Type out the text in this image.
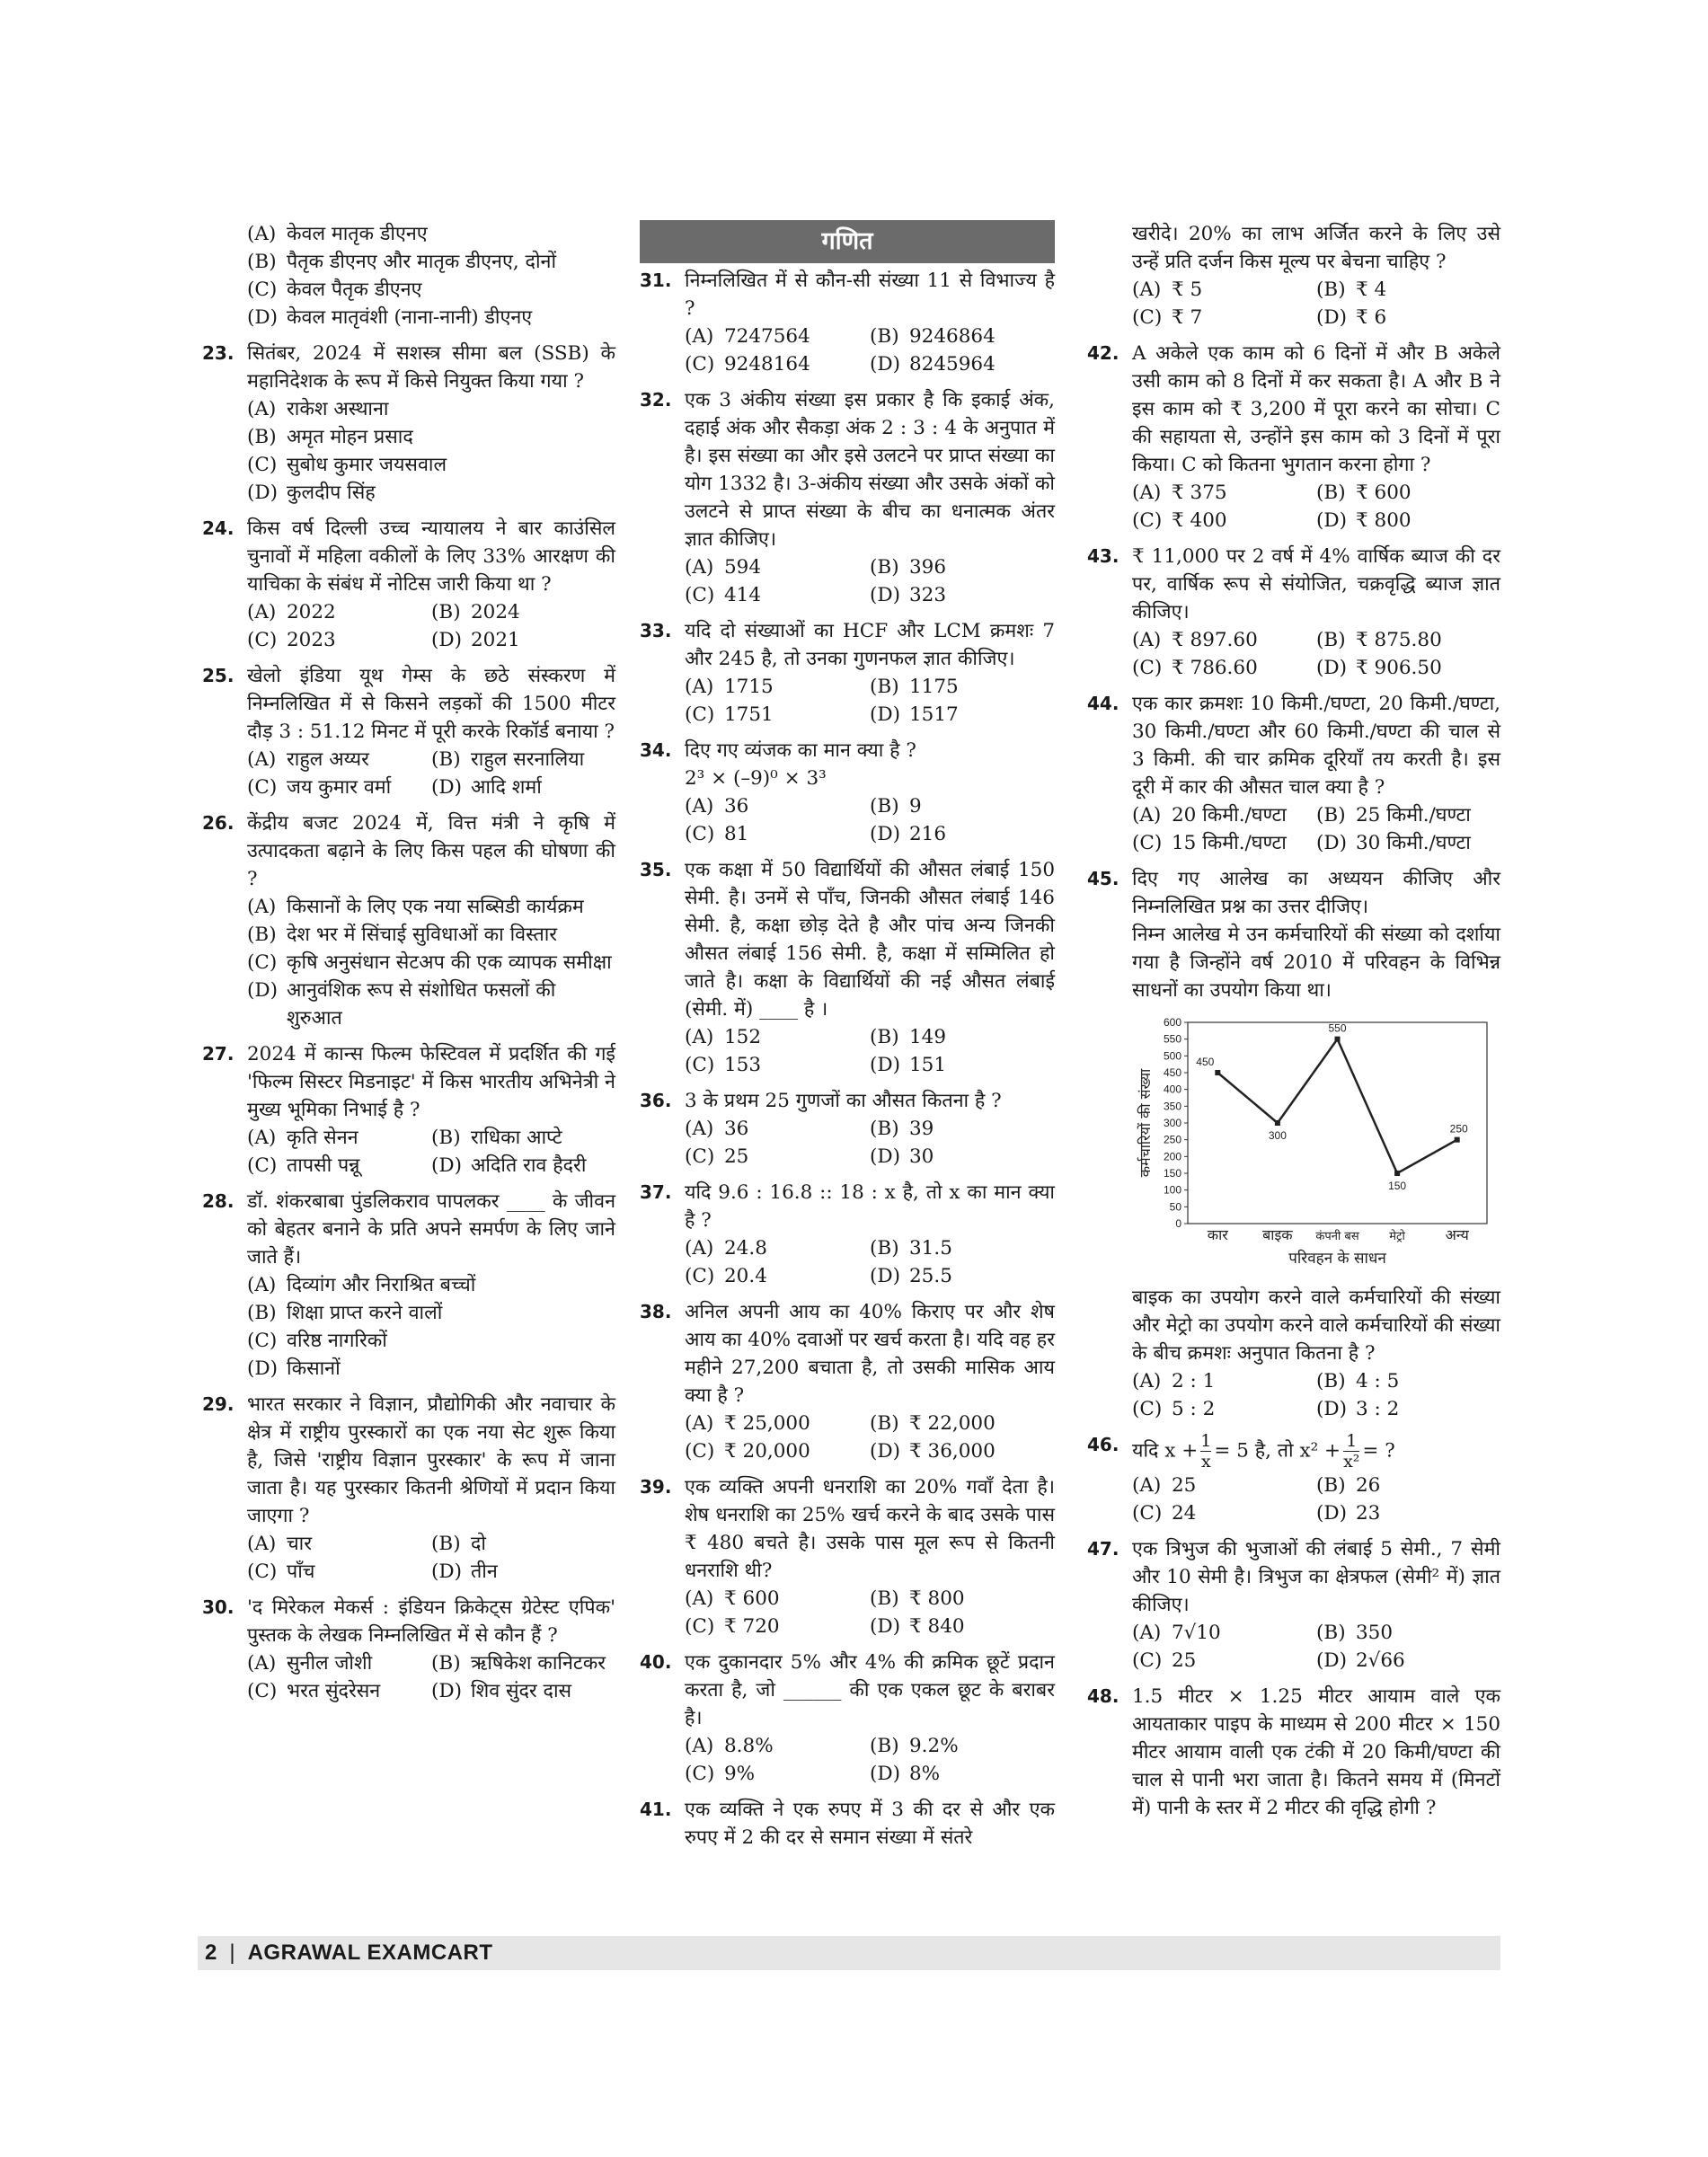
(A) केवल मातृक डीएनए
(B) पैतृक डीएनए और मातृक डीएनए, दोनों
(C) केवल पैतृक डीएनए
(D) केवल मातृवंशी (नाना-नानी) डीएनए
23. सितंबर, 2024 में सशस्त्र सीमा बल (SSB) के महानिदेशक के रूप में किसे नियुक्त किया गया ?
(A) राकेश अस्थाना
(B) अमृत मोहन प्रसाद
(C) सुबोध कुमार जयसवाल
(D) कुलदीप सिंह
24. किस वर्ष दिल्ली उच्च न्यायालय ने बार काउंसिल चुनावों में महिला वकीलों के लिए 33% आरक्षण की याचिका के संबंध में नोटिस जारी किया था ?
(A) 2022	(B) 2024
(C) 2023	(D) 2021
25. खेलो इंडिया यूथ गेम्स के छठे संस्करण में निम्नलिखित में से किसने लड़कों की 1500 मीटर दौड़ 3 : 51.12 मिनट में पूरी करके रिकॉर्ड बनाया ?
(A) राहुल अय्यर	(B) राहुल सरनालिया
(C) जय कुमार वर्मा	(D) आदि शर्मा
26. केंद्रीय बजट 2024 में, वित्त मंत्री ने कृषि में उत्पादकता बढ़ाने के लिए किस पहल की घोषणा की ?
(A) किसानों के लिए एक नया सब्सिडी कार्यक्रम
(B) देश भर में सिंचाई सुविधाओं का विस्तार
(C) कृषि अनुसंधान सेटअप की एक व्यापक समीक्षा
(D) आनुवंशिक रूप से संशोधित फसलों की शुरुआत
27. 2024 में कान्स फिल्म फेस्टिवल में प्रदर्शित की गई 'फिल्म सिस्टर मिडनाइट' में किस भारतीय अभिनेत्री ने मुख्य भूमिका निभाई है ?
(A) कृति सेनन	(B) राधिका आप्टे
(C) तापसी पन्नू	(D) अदिति राव हैदरी
28. डॉ. शंकरबाबा पुंडलिकराव पापलकर ____ के जीवन को बेहतर बनाने के प्रति अपने समर्पण के लिए जाने जाते हैं।
(A) दिव्यांग और निराश्रित बच्चों
(B) शिक्षा प्राप्त करने वालों
(C) वरिष्ठ नागरिकों
(D) किसानों
29. भारत सरकार ने विज्ञान, प्रौद्योगिकी और नवाचार के क्षेत्र में राष्ट्रीय पुरस्कारों का एक नया सेट शुरू किया है, जिसे 'राष्ट्रीय विज्ञान पुरस्कार' के रूप में जाना जाता है। यह पुरस्कार कितनी श्रेणियों में प्रदान किया जाएगा ?
(A) चार	(B) दो
(C) पाँच	(D) तीन
30. 'द मिरेकल मेकर्स : इंडियन क्रिकेट्स ग्रेटेस्ट एपिक' पुस्तक के लेखक निम्नलिखित में से कौन हैं ?
(A) सुनील जोशी	(B) ऋषिकेश कानिटकर
(C) भरत सुंदरेसन	(D) शिव सुंदर दास
गणित
31. निम्नलिखित में से कौन-सी संख्या 11 से विभाज्य है ?
(A) 7247564	(B) 9246864
(C) 9248164	(D) 8245964
32. एक 3 अंकीय संख्या इस प्रकार है कि इकाई अंक, दहाई अंक और सैकड़ा अंक 2 : 3 : 4 के अनुपात में है। इस संख्या का और इसे उलटने पर प्राप्त संख्या का योग 1332 है। 3-अंकीय संख्या और उसके अंकों को उलटने से प्राप्त संख्या के बीच का धनात्मक अंतर ज्ञात कीजिए।
(A) 594	(B) 396
(C) 414	(D) 323
33. यदि दो संख्याओं का HCF और LCM क्रमशः 7 और 245 है, तो उनका गुणनफल ज्ञात कीजिए।
(A) 1715	(B) 1175
(C) 1751	(D) 1517
34. दिए गए व्यंजक का मान क्या है ?
2³ × (–9)⁰ × 3³
(A) 36	(B) 9
(C) 81	(D) 216
35. एक कक्षा में 50 विद्यार्थियों की औसत लंबाई 150 सेमी. है। उनमें से पाँच, जिनकी औसत लंबाई 146 सेमी. है, कक्षा छोड़ देते है और पांच अन्य जिनकी औसत लंबाई 156 सेमी. है, कक्षा में सम्मिलित हो जाते है। कक्षा के विद्यार्थियों की नई औसत लंबाई (सेमी. में) ____ है ।
(A) 152	(B) 149
(C) 153	(D) 151
36. 3 के प्रथम 25 गुणजों का औसत कितना है ?
(A) 36	(B) 39
(C) 25	(D) 30
37. यदि 9.6 : 16.8 :: 18 : x है, तो x का मान क्या है ?
(A) 24.8	(B) 31.5
(C) 20.4	(D) 25.5
38. अनिल अपनी आय का 40% किराए पर और शेष आय का 40% दवाओं पर खर्च करता है। यदि वह हर महीने 27,200 बचाता है, तो उसकी मासिक आय क्या है ?
(A) ₹ 25,000	(B) ₹ 22,000
(C) ₹ 20,000	(D) ₹ 36,000
39. एक व्यक्ति अपनी धनराशि का 20% गवाँ देता है। शेष धनराशि का 25% खर्च करने के बाद उसके पास ₹ 480 बचते है। उसके पास मूल रूप से कितनी धनराशि थी?
(A) ₹ 600	(B) ₹ 800
(C) ₹ 720	(D) ₹ 840
40. एक दुकानदार 5% और 4% की क्रमिक छूटें प्रदान करता है, जो ______ की एक एकल छूट के बराबर है।
(A) 8.8%	(B) 9.2%
(C) 9%	(D) 8%
41. एक व्यक्ति ने एक रुपए में 3 की दर से और एक रुपए में 2 की दर से समान संख्या में संतरे
खरीदे। 20% का लाभ अर्जित करने के लिए उसे उन्हें प्रति दर्जन किस मूल्य पर बेचना चाहिए ?
(A) ₹ 5	(B) ₹ 4
(C) ₹ 7	(D) ₹ 6
42. A अकेले एक काम को 6 दिनों में और B अकेले उसी काम को 8 दिनों में कर सकता है। A और B ने इस काम को ₹ 3,200 में पूरा करने का सोचा। C की सहायता से, उन्होंने इस काम को 3 दिनों में पूरा किया। C को कितना भुगतान करना होगा ?
(A) ₹ 375	(B) ₹ 600
(C) ₹ 400	(D) ₹ 800
43. ₹ 11,000 पर 2 वर्ष में 4% वार्षिक ब्याज की दर पर, वार्षिक रूप से संयोजित, चक्रवृद्धि ब्याज ज्ञात कीजिए।
(A) ₹ 897.60	(B) ₹ 875.80
(C) ₹ 786.60	(D) ₹ 906.50
44. एक कार क्रमशः 10 किमी./घण्टा, 20 किमी./घण्टा, 30 किमी./घण्टा और 60 किमी./घण्टा की चाल से 3 किमी. की चार क्रमिक दूरियाँ तय करती है। इस दूरी में कार की औसत चाल क्या है ?
(A) 20 किमी./घण्टा	(B) 25 किमी./घण्टा
(C) 15 किमी./घण्टा	(D) 30 किमी./घण्टा
45. दिए गए आलेख का अध्ययन कीजिए और निम्नलिखित प्रश्न का उत्तर दीजिए।
निम्न आलेख मे उन कर्मचारियों की संख्या को दर्शाया गया है जिन्होंने वर्ष 2010 में परिवहन के विभिन्न साधनों का उपयोग किया था।
0
50
100
150
200
250
300
350
400
450
500
550
600
कार बाइक कंपनी बस	मेट्रो	अन्य
परिवहन के साधन
कर्मचारियों की संख्या
450
300
550
150
250
बाइक का उपयोग करने वाले कर्मचारियों की संख्या और मेट्रो का उपयोग करने वाले कर्मचारियों की संख्या के बीच क्रमशः अनुपात कितना है ?
(A) 2 : 1	(B) 4 : 5
(C) 5 : 2	(D) 3 : 2
46. यदि $x + \frac{1}{x} = 5$ है, तो $x^2 + \frac{1}{\text{x²}}$ = ?
(A) 25	(B) 26
(C) 24	(D) 23
47. एक त्रिभुज की भुजाओं की लंबाई 5 सेमी., 7 सेमी और 10 सेमी है। त्रिभुज का क्षेत्रफल (सेमी² में) ज्ञात कीजिए।
(A) 7√10	(B) 350
(C) 25	(D) 2√66
48. 1.5 मीटर × 1.25 मीटर आयाम वाले एक आयताकार पाइप के माध्यम से 200 मीटर × 150 मीटर आयाम वाली एक टंकी में 20 किमी/घण्टा की चाल से पानी भरा जाता है। कितने समय में (मिनटों में) पानी के स्तर में 2 मीटर की वृद्धि होगी ?
2 | AGRAWAL EXAMCART
